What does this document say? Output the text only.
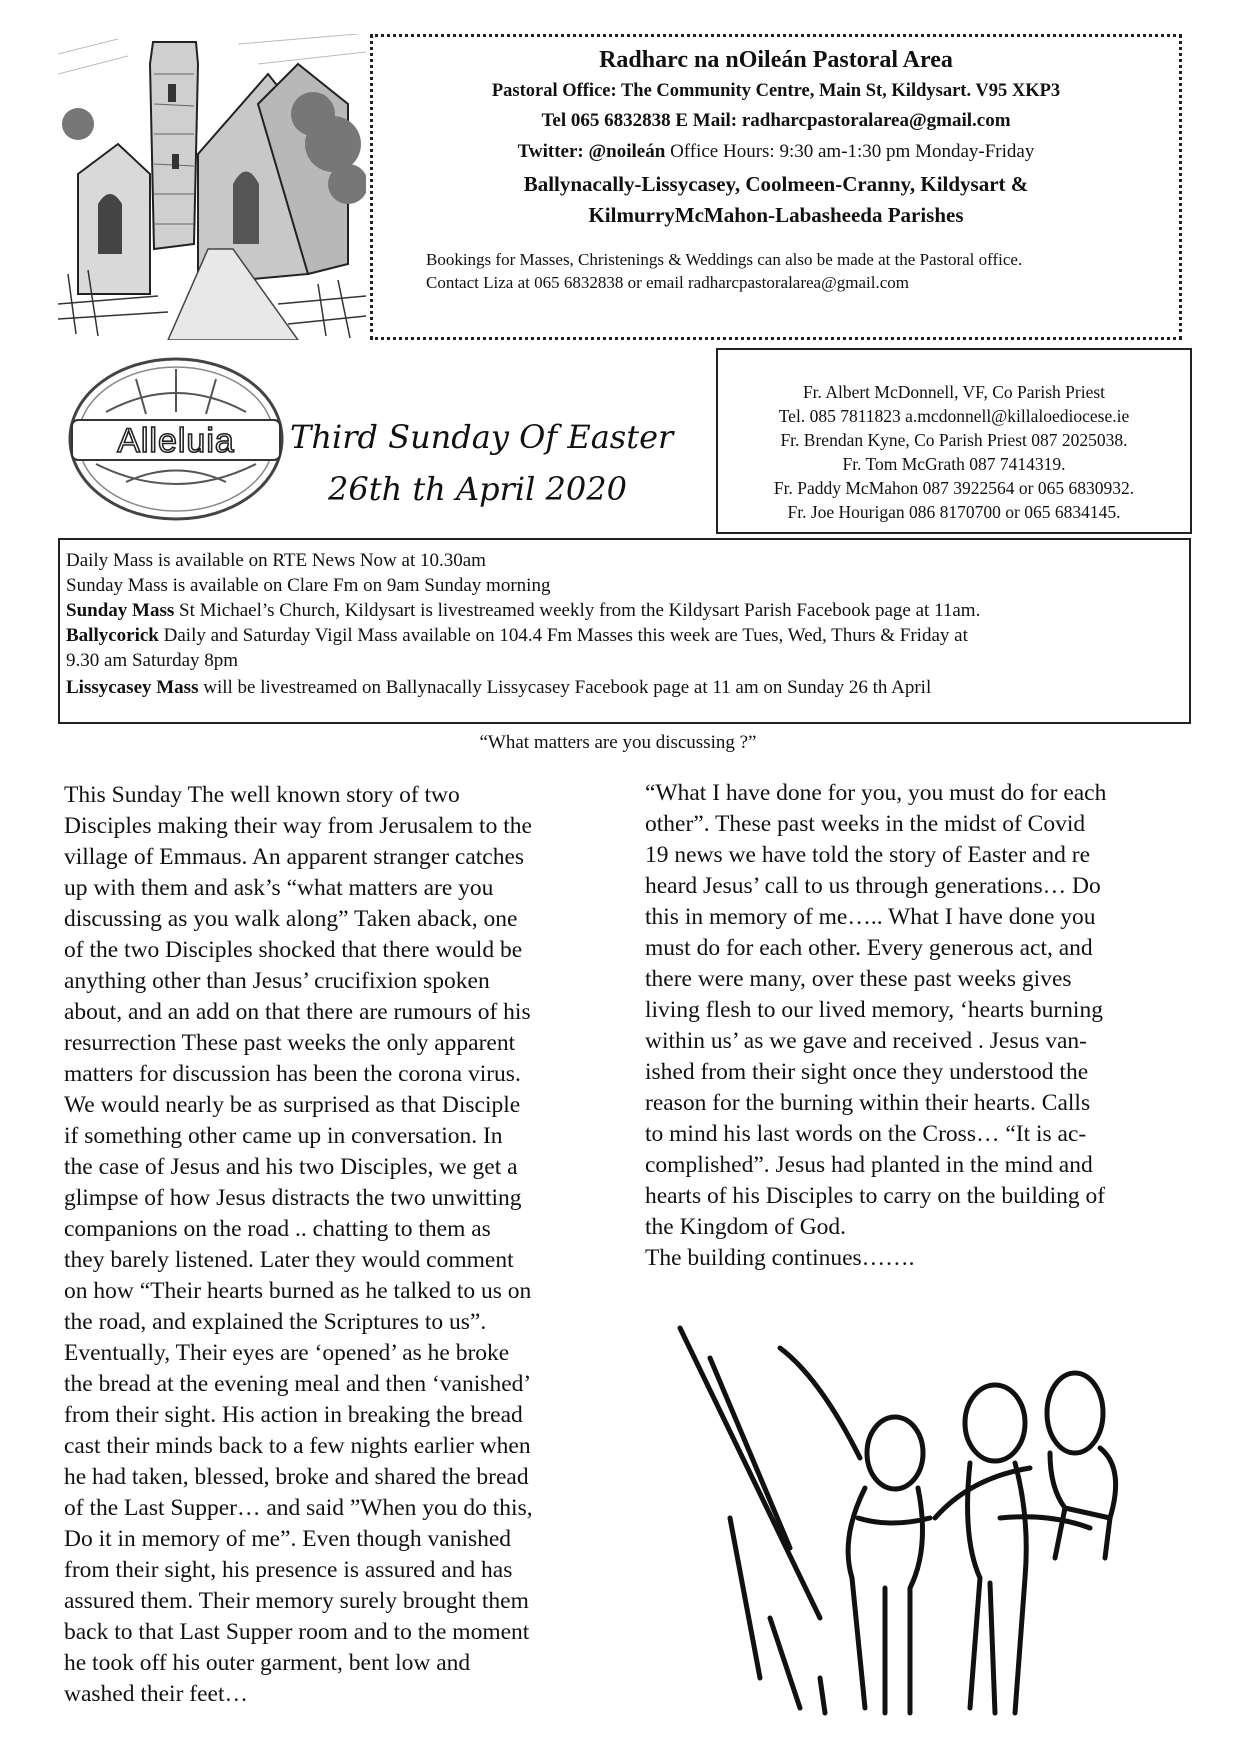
Radharc na nOileán Pastoral Area
Pastoral Office: The Community Centre, Main St, Kildysart. V95 XKP3
Tel 065 6832838 E Mail: radharcpastoralarea@gmail.com
Twitter: @noileán Office Hours: 9:30 am-1:30 pm Monday-Friday
Ballynacally-Lissycasey, Coolmeen-Cranny, Kildysart &
KilmurryMcMahon-Labasheeda Parishes
Bookings for Masses, Christenings & Weddings can also be made at the Pastoral office.
Contact Liza at 065 6832838 or email radharcpastoralarea@gmail.com
Alleluia Third Sunday Of Easter
26th th April 2020
Fr. Albert McDonnell, VF, Co Parish Priest
Tel. 085 7811823 a.mcdonnell@killaloediocese.ie
Fr. Brendan Kyne, Co Parish Priest 087 2025038.
Fr. Tom McGrath 087 7414319.
Fr. Paddy McMahon 087 3922564 or 065 6830932.
Fr. Joe Hourigan 086 8170700 or 065 6834145.
Daily Mass is available on RTE News Now at 10.30am
Sunday Mass is available on Clare Fm on 9am Sunday morning
Sunday Mass St Michael’s Church, Kildysart is livestreamed weekly from the Kildysart Parish Facebook page at 11am.
Ballycorick Daily and Saturday Vigil Mass available on 104.4 Fm Masses this week are Tues, Wed, Thurs & Friday at
9.30 am Saturday 8pm
Lissycasey Mass will be livestreamed on Ballynacally Lissycasey Facebook page at 11 am on Sunday 26 th April
“What matters are you discussing ?”
This Sunday The well known story of two
Disciples making their way from Jerusalem to the
village of Emmaus. An apparent stranger catches
up with them and ask’s “what matters are you
discussing as you walk along” Taken aback, one
of the two Disciples shocked that there would be
anything other than Jesus’ crucifixion spoken
about, and an add on that there are rumours of his
resurrection These past weeks the only apparent
matters for discussion has been the corona virus.
We would nearly be as surprised as that Disciple
if something other came up in conversation. In
the case of Jesus and his two Disciples, we get a
glimpse of how Jesus distracts the two unwitting
companions on the road .. chatting to them as
they barely listened. Later they would comment
on how “Their hearts burned as he talked to us on
the road, and explained the Scriptures to us”.
Eventually, Their eyes are ‘opened’ as he broke
the bread at the evening meal and then ‘vanished’
from their sight. His action in breaking the bread
cast their minds back to a few nights earlier when
he had taken, blessed, broke and shared the bread
of the Last Supper… and said ”When you do this,
Do it in memory of me”. Even though vanished
from their sight, his presence is assured and has
assured them. Their memory surely brought them
back to that Last Supper room and to the moment
he took off his outer garment, bent low and
washed their feet…
“What I have done for you, you must do for each
other”. These past weeks in the midst of Covid
19 news we have told the story of Easter and re
heard Jesus’ call to us through generations… Do
this in memory of me….. What I have done you
must do for each other. Every generous act, and
there were many, over these past weeks gives
living flesh to our lived memory, ‘hearts burning
within us’ as we gave and received . Jesus van-
ished from their sight once they understood the
reason for the burning within their hearts. Calls
to mind his last words on the Cross… “It is ac-
complished”. Jesus had planted in the mind and
hearts of his Disciples to carry on the building of
the Kingdom of God.
The building continues…….
